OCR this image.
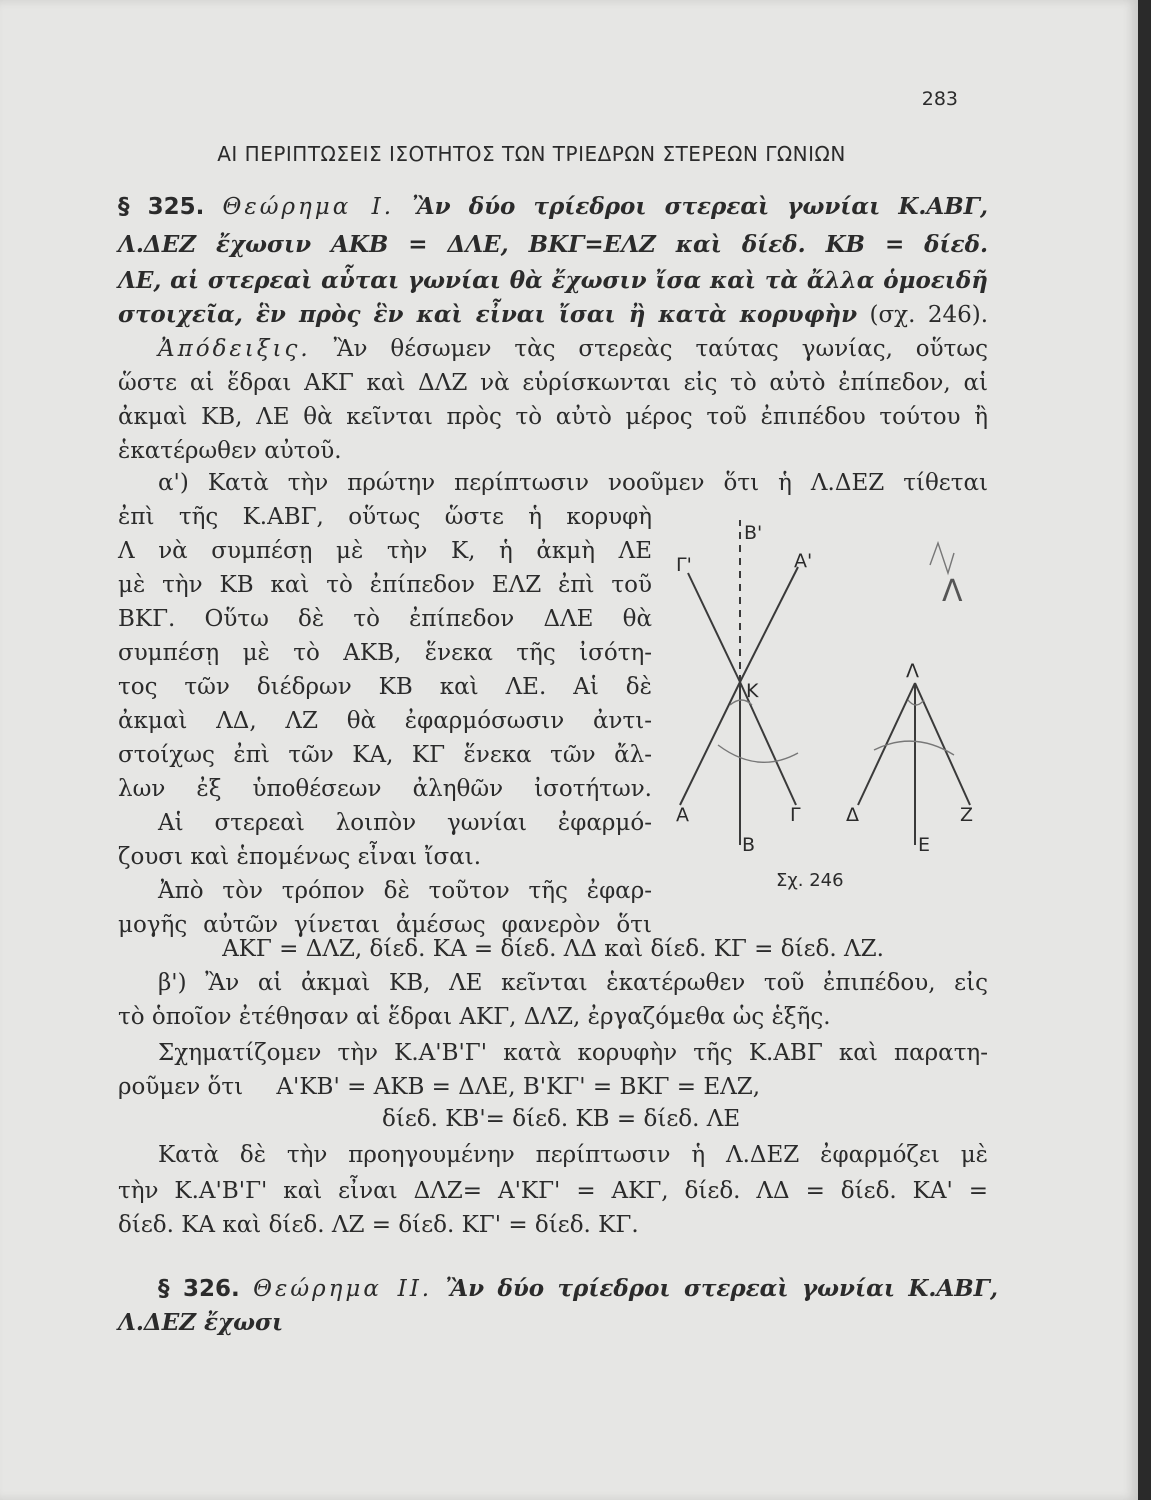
283
ΑΙ ΠΕΡΙΠΤΩΣΕΙΣ ΙΣΟΤΗΤΟΣ ΤΩΝ ΤΡΙΕΔΡΩΝ ΣΤΕΡΕΩΝ ΓΩΝΙΩΝ
§ 325. Θεώρημα Ι. Ἂν δύο τρίεδροι στερεαὶ γωνίαι Κ.ΑΒΓ,
Λ.ΔΕΖ ἔχωσιν ΑΚΒ = ΔΛΕ, ΒΚΓ=ΕΛΖ καὶ δίεδ. ΚΒ = δίεδ.
ΛΕ, αἱ στερεαὶ αὗται γωνίαι θὰ ἔχωσιν ἴσα καὶ τὰ ἄλλα ὁμοειδῆ
στοιχεῖα, ἓν πρὸς ἓν καὶ εἶναι ἴσαι ἢ κατὰ κορυφὴν (σχ. 246).
Ἀπόδειξις. Ἂν θέσωμεν τὰς στερεὰς ταύτας γωνίας, οὕτως
ὥστε αἱ ἕδραι ΑΚΓ καὶ ΔΛΖ νὰ εὑρίσκωνται εἰς τὸ αὐτὸ ἐπίπεδον, αἱ
ἀκμαὶ ΚΒ, ΛΕ θὰ κεῖνται πρὸς τὸ αὐτὸ μέρος τοῦ ἐπιπέδου τούτου ἢ
ἑκατέρωθεν αὐτοῦ.
α') Κατὰ τὴν πρώτην περίπτωσιν νοοῦμεν ὅτι ἡ Λ.ΔΕΖ τίθεται
ἐπὶ τῆς Κ.ΑΒΓ, οὕτως ὥστε ἡ κορυφὴ
Λ νὰ συμπέσῃ μὲ τὴν Κ, ἡ ἀκμὴ ΛΕ
μὲ τὴν ΚΒ καὶ τὸ ἐπίπεδον ΕΛΖ ἐπὶ τοῦ
ΒΚΓ. Οὕτω δὲ τὸ ἐπίπεδον ΔΛΕ θὰ
συμπέσῃ μὲ τὸ ΑΚΒ, ἕνεκα τῆς ἰσότη-
τος τῶν διέδρων ΚΒ καὶ ΛΕ. Αἱ δὲ
ἀκμαὶ ΛΔ, ΛΖ θὰ ἐφαρμόσωσιν ἀντι-
στοίχως ἐπὶ τῶν ΚΑ, ΚΓ ἕνεκα τῶν ἄλ-
λων ἐξ ὑποθέσεων ἀληθῶν ἰσοτήτων.
Αἱ στερεαὶ λοιπὸν γωνίαι ἐφαρμό-
ζουσι καὶ ἑπομένως εἶναι ἴσαι.
Ἀπὸ τὸν τρόπον δὲ τοῦτον τῆς ἐφαρ-
μογῆς αὐτῶν γίνεται ἀμέσως φανερὸν ὅτι
Β'
Γ'	Α'
Κ
Α	Γ
Β
Λ
Δ	Ζ
Ε
Λ
Σχ. 246
ΑΚΓ = ΔΛΖ, δίεδ. ΚΑ = δίεδ. ΛΔ καὶ δίεδ. ΚΓ = δίεδ. ΛΖ.
β') Ἂν αἱ ἀκμαὶ ΚΒ, ΛΕ κεῖνται ἑκατέρωθεν τοῦ ἐπιπέδου, εἰς
τὸ ὁποῖον ἐτέθησαν αἱ ἕδραι ΑΚΓ, ΔΛΖ, ἐργαζόμεθα ὡς ἑξῆς.
Σχηματίζομεν τὴν Κ.Α'Β'Γ' κατὰ κορυφὴν τῆς Κ.ΑΒΓ καὶ παρατη-
ροῦμεν ὅτι Α'ΚΒ' = ΑΚΒ = ΔΛΕ, Β'ΚΓ' = ΒΚΓ = ΕΛΖ,
δίεδ. ΚΒ'= δίεδ. ΚΒ = δίεδ. ΛΕ
Κατὰ δὲ τὴν προηγουμένην περίπτωσιν ἡ Λ.ΔΕΖ ἐφαρμόζει μὲ
τὴν Κ.Α'Β'Γ' καὶ εἶναι ΔΛΖ= Α'ΚΓ' = ΑΚΓ, δίεδ. ΛΔ = δίεδ. ΚΑ' =
δίεδ. ΚΑ καὶ δίεδ. ΛΖ = δίεδ. ΚΓ' = δίεδ. ΚΓ.
§ 326. Θεώρημα ΙΙ. Ἂν δύο τρίεδροι στερεαὶ γωνίαι Κ.ΑΒΓ,
Λ.ΔΕΖ ἔχωσι
